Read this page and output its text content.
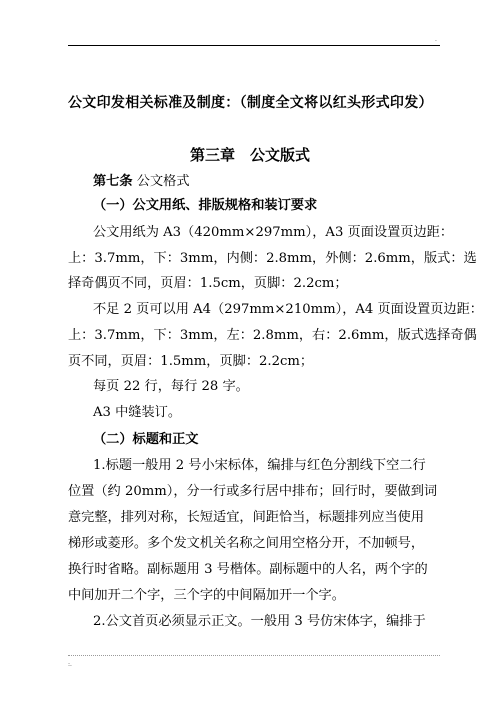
.
公文印发相关标准及制度：（制度全文将以红头形式印发）
第三章　公文版式
第七条 公文格式
（一）公文用纸、排版规格和装订要求
公文用纸为 A3（420mm×297mm），A3 页面设置页边距：
上：3.7mm，下：3mm，内侧：2.8mm，外侧：2.6mm，版式：选
择奇偶页不同，页眉：1.5cm，页脚：2.2cm；
不足 2 页可以用 A4（297mm×210mm），A4 页面设置页边距：
上：3.7mm，下：3mm，左：2.8mm，右：2.6mm，版式选择奇偶
页不同，页眉：1.5mm，页脚：2.2cm；
每页 22 行，每行 28 字。
A3 中缝装订。
（二）标题和正文
1.标题一般用 2 号小宋标体，编排与红色分割线下空二行
位置（约 20mm），分一行或多行居中排布；回行时，要做到词
意完整，排列对称，长短适宜，间距恰当，标题排列应当使用
梯形或菱形。多个发文机关名称之间用空格分开，不加顿号，
换行时省略。副标题用 3 号楷体。副标题中的人名，两个字的
中间加开二个字，三个字的中间隔加开一个字。
2.公文首页必须显示正文。一般用 3 号仿宋体字，编排于
:.
